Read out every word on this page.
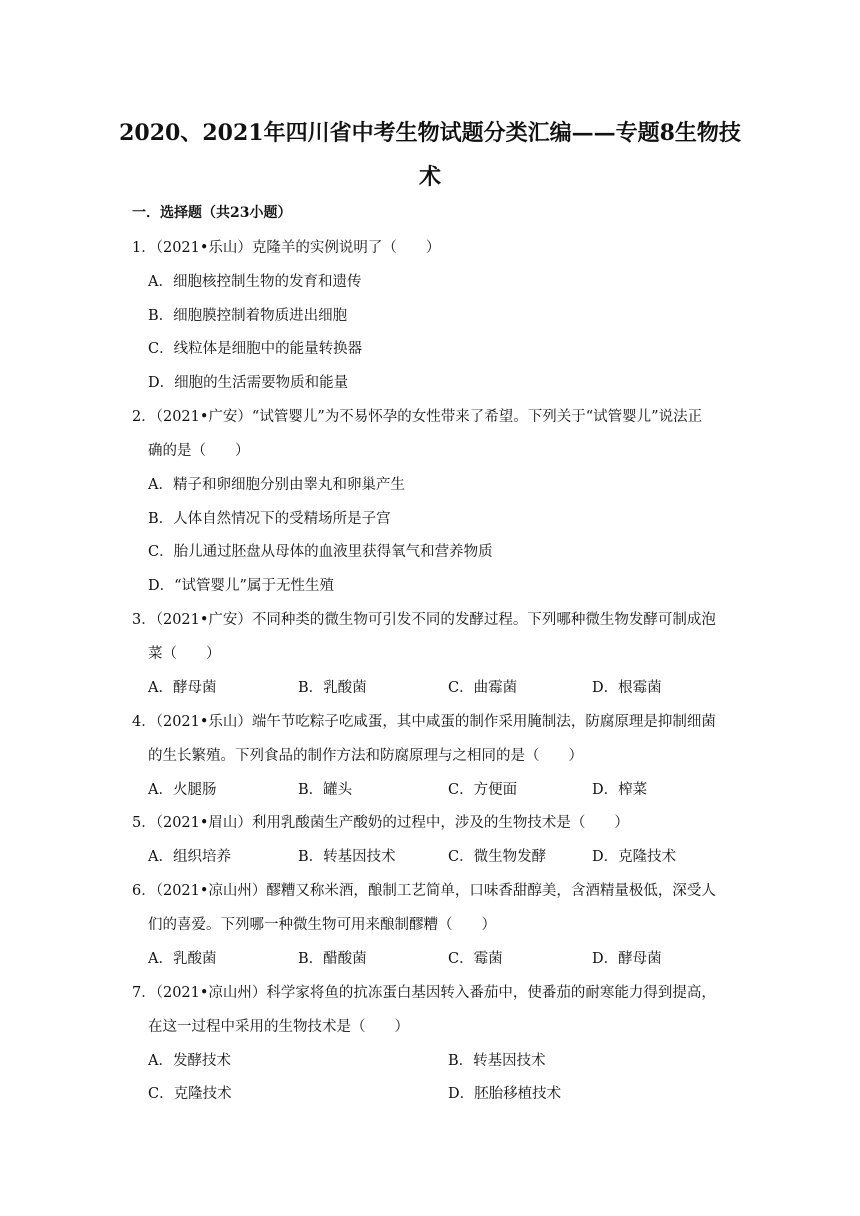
2020、2021年四川省中考生物试题分类汇编——专题8生物技
术
一．选择题（共23小题）
1．（2021•乐山）克隆羊的实例说明了（　　）
A．细胞核控制生物的发育和遗传
B．细胞膜控制着物质进出细胞
C．线粒体是细胞中的能量转换器
D．细胞的生活需要物质和能量
2．（2021•广安）“试管婴儿”为不易怀孕的女性带来了希望。下列关于“试管婴儿”说法正
确的是（　　）
A．精子和卵细胞分别由睾丸和卵巢产生
B．人体自然情况下的受精场所是子宫
C．胎儿通过胚盘从母体的血液里获得氧气和营养物质
D．“试管婴儿”属于无性生殖
3．（2021•广安）不同种类的微生物可引发不同的发酵过程。下列哪种微生物发酵可制成泡
菜（　　）
A．酵母菌	B．乳酸菌	C．曲霉菌	D．根霉菌
4．（2021•乐山）端午节吃粽子吃咸蛋，其中咸蛋的制作采用腌制法，防腐原理是抑制细菌
的生长繁殖。下列食品的制作方法和防腐原理与之相同的是（　　）
A．火腿肠	B．罐头	C．方便面	D．榨菜
5．（2021•眉山）利用乳酸菌生产酸奶的过程中，涉及的生物技术是（　　）
A．组织培养	B．转基因技术	C．微生物发酵	D．克隆技术
6．（2021•凉山州）醪糟又称米酒，酿制工艺简单，口味香甜醇美，含酒精量极低，深受人
们的喜爱。下列哪一种微生物可用来酿制醪糟（　　）
A．乳酸菌	B．醋酸菌	C．霉菌	D．酵母菌
7．（2021•凉山州）科学家将鱼的抗冻蛋白基因转入番茄中，使番茄的耐寒能力得到提高，
在这一过程中采用的生物技术是（　　）
A．发酵技术	B．转基因技术
C．克隆技术	D．胚胎移植技术
